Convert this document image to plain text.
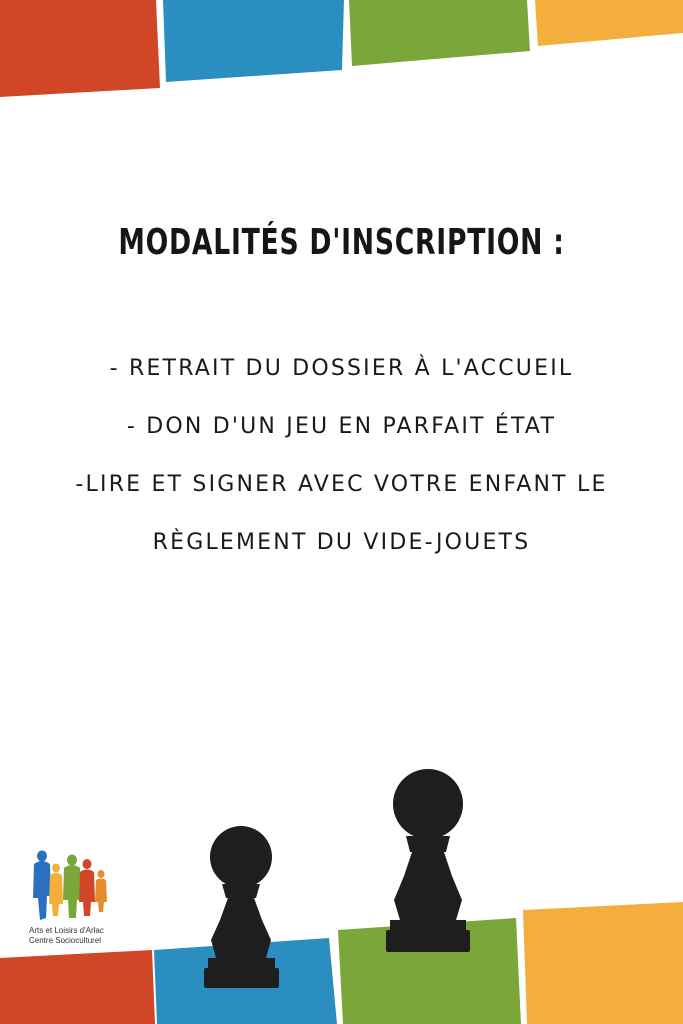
MODALITÉS D'INSCRIPTION :
- RETRAIT DU DOSSIER À L'ACCUEIL
- DON D'UN JEU EN PARFAIT ÉTAT
-LIRE ET SIGNER AVEC VOTRE ENFANT LE
RÈGLEMENT DU VIDE-JOUETS
Arts et Loisirs d'Arlac
Centre Socioculturel
